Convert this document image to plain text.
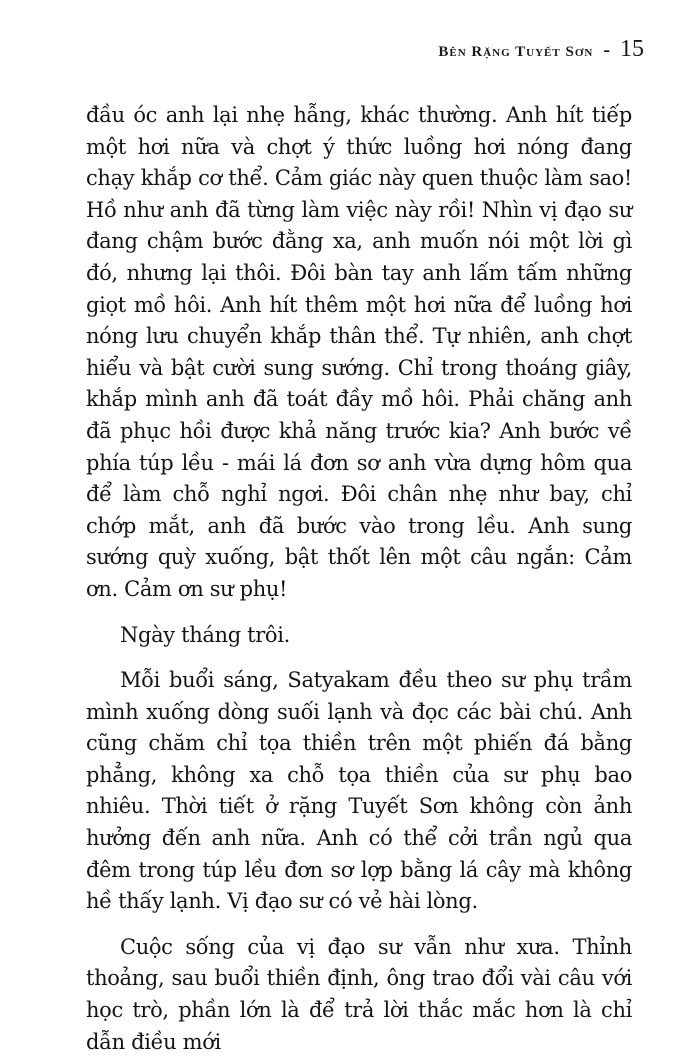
Bên Rặng Tuyết Sơn - 15

đầu óc anh lại nhẹ hẫng, khác thường. Anh hít tiếp một hơi nữa và chợt ý thức luồng hơi nóng đang chạy khắp cơ thể. Cảm giác này quen thuộc làm sao! Hồ như anh đã từng làm việc này rồi! Nhìn vị đạo sư đang chậm bước đằng xa, anh muốn nói một lời gì đó, nhưng lại thôi. Đôi bàn tay anh lấm tấm những giọt mồ hôi. Anh hít thêm một hơi nữa để luồng hơi nóng lưu chuyển khắp thân thể. Tự nhiên, anh chợt hiểu và bật cười sung sướng. Chỉ trong thoáng giây, khắp mình anh đã toát đầy mồ hôi. Phải chăng anh đã phục hồi được khả năng trước kia? Anh bước về phía túp lều - mái lá đơn sơ anh vừa dựng hôm qua để làm chỗ nghỉ ngơi. Đôi chân nhẹ như bay, chỉ chớp mắt, anh đã bước vào trong lều. Anh sung sướng quỳ xuống, bật thốt lên một câu ngắn: Cảm ơn. Cảm ơn sư phụ!

Ngày tháng trôi.

Mỗi buổi sáng, Satyakam đều theo sư phụ trầm mình xuống dòng suối lạnh và đọc các bài chú. Anh cũng chăm chỉ tọa thiền trên một phiến đá bằng phẳng, không xa chỗ tọa thiền của sư phụ bao nhiêu. Thời tiết ở rặng Tuyết Sơn không còn ảnh hưởng đến anh nữa. Anh có thể cởi trần ngủ qua đêm trong túp lều đơn sơ lợp bằng lá cây mà không hề thấy lạnh. Vị đạo sư có vẻ hài lòng.

Cuộc sống của vị đạo sư vẫn như xưa. Thỉnh thoảng, sau buổi thiền định, ông trao đổi vài câu với học trò, phần lớn là để trả lời thắc mắc hơn là chỉ dẫn điều mới
